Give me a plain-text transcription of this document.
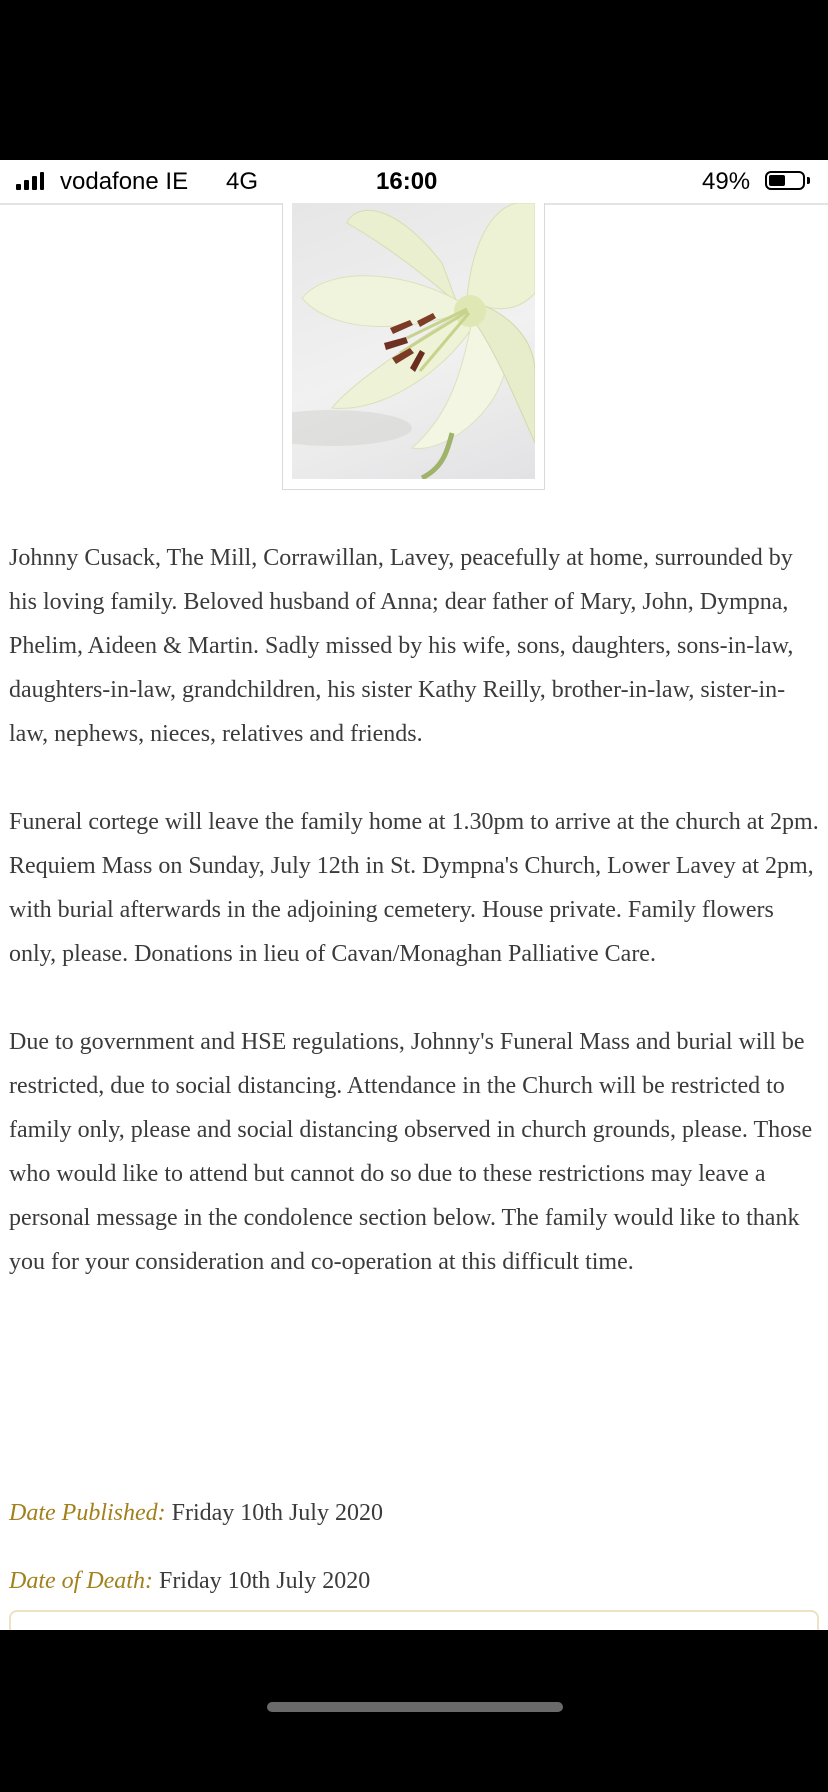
vodafone IE 4G	16:00	49%

Johnny Cusack, The Mill, Corrawillan, Lavey, peacefully at home, surrounded by his loving family. Beloved husband of Anna; dear father of Mary, John, Dympna, Phelim, Aideen & Martin. Sadly missed by his wife, sons, daughters, sons-in-law, daughters-in-law, grandchildren, his sister Kathy Reilly, brother-in-law, sister-in-law, nephews, nieces, relatives and friends.

Funeral cortege will leave the family home at 1.30pm to arrive at the church at 2pm. Requiem Mass on Sunday, July 12th in St. Dympna's Church, Lower Lavey at 2pm, with burial afterwards in the adjoining cemetery. House private. Family flowers only, please. Donations in lieu of Cavan/Monaghan Palliative Care.

Due to government and HSE regulations, Johnny's Funeral Mass and burial will be restricted, due to social distancing. Attendance in the Church will be restricted to family only, please and social distancing observed in church grounds, please. Those who would like to attend but cannot do so due to these restrictions may leave a personal message in the condolence section below. The family would like to thank you for your consideration and co-operation at this difficult time.

Date Published: Friday 10th July 2020
Date of Death: Friday 10th July 2020
